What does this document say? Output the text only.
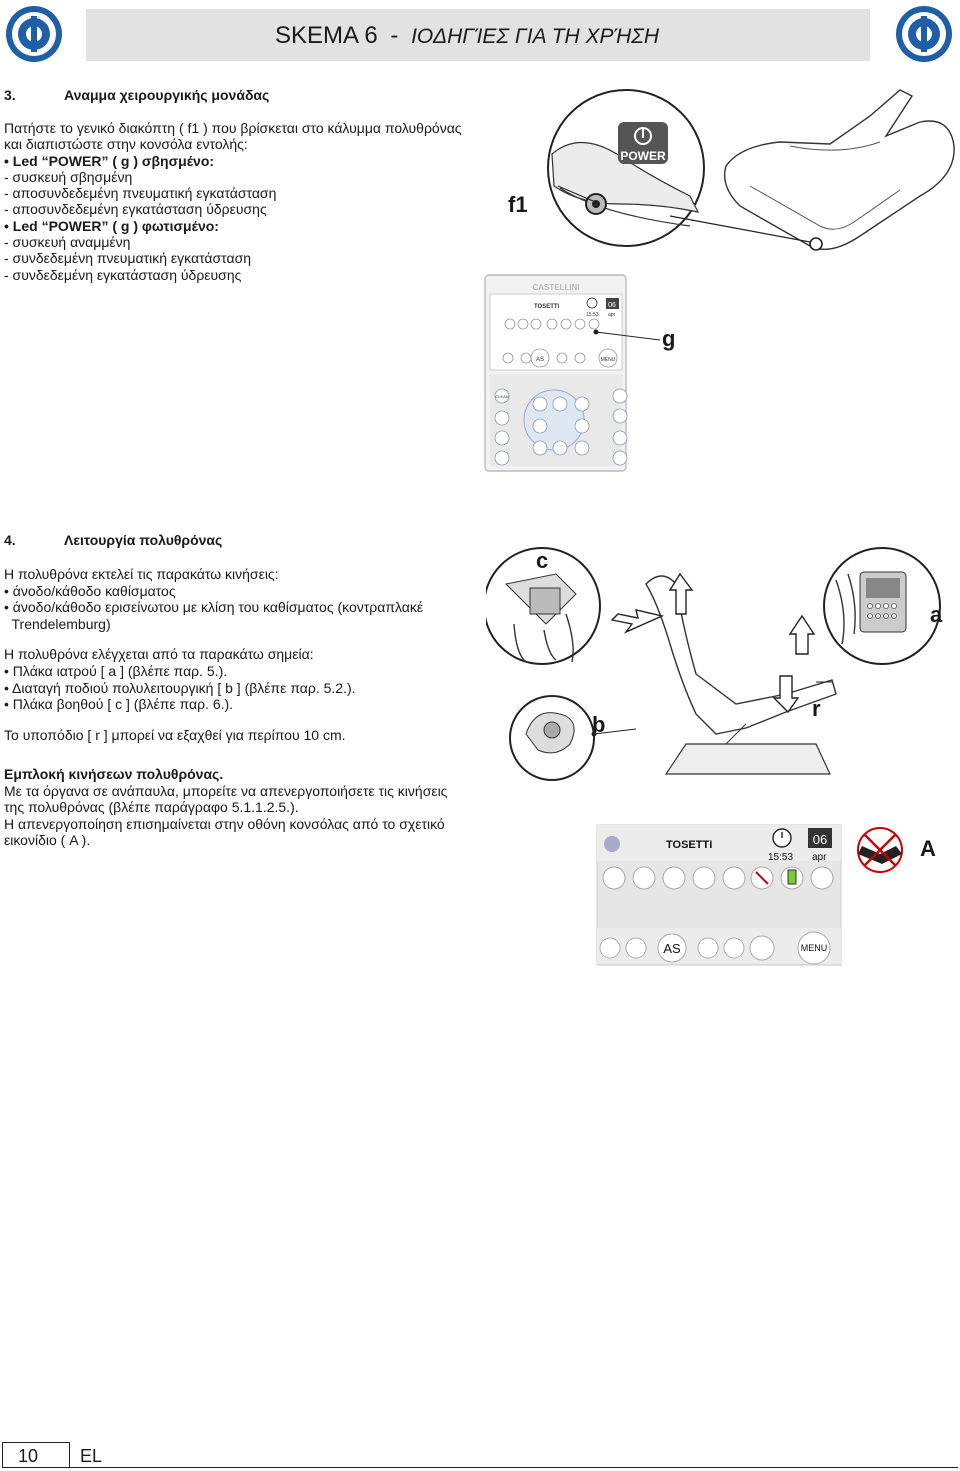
SKEMA 6 - ΙΟΔΗΓΊΕΣ ΓΙΑ ΤΗ ΧΡΉΣΗ
3.	Αναμμα χειρουργικής μονάδας
Πατήστε το γενικό διακόπτη ( f1 ) που βρίσκεται στο κάλυμμα πολυθρόνας
και διαπιστώστε στην κονσόλα εντολής:
• Led “POWER” ( g ) σβησμένο:
- συσκευή σβησμένη
- αποσυνδεδεμένη πνευματική εγκατάσταση
- αποσυνδεδεμένη εγκατάσταση ύδρευσης
• Led “POWER” ( g ) φωτισμένο:
- συσκευή αναμμένη
- συνδεδεμένη πνευματική εγκατάσταση
- συνδεδεμένη εγκατάσταση ύδρευσης
POWER
f1
g
CASTELLINI
TOSETTI
15:53
06
apr
AS	MENU
CLEAN
4.	Λειτουργία πολυθρόνας
Η πολυθρόνα εκτελεί τις παρακάτω κινήσεις:
• άνοδο/κάθοδο καθίσματος
• άνοδο/κάθοδο ερισείνωτου με κλίση του καθίσματος (κοντραπλακέ
Trendelemburg)
Η πολυθρόνα ελέγχεται από τα παρακάτω σημεία:
• Πλάκα ιατρού [ a ] (βλέπε παρ. 5.).
• Διαταγή ποδιού πολυλειτουργική [ b ] (βλέπε παρ. 5.2.).
• Πλάκα βοηθού [ c ] (βλέπε παρ. 6.).
Το υποπόδιο [ r ] μπορεί να εξαχθεί για περίπου 10 cm.
Εμπλοκή κινήσεων πολυθρόνας.
Με τα όργανα σε ανάπαυλα, μπορείτε να απενεργοποιήσετε τις κινήσεις
της πολυθρόνας (βλέπε παράγραφο 5.1.1.2.5.).
Η απενεργοποίηση επισημαίνεται στην οθόνη κονσόλας από το σχετικό
εικονίδιο ( A ).
c
a
b
r
TOSETTI
15:53
06
apr
AS	MENU
A
10 EL
